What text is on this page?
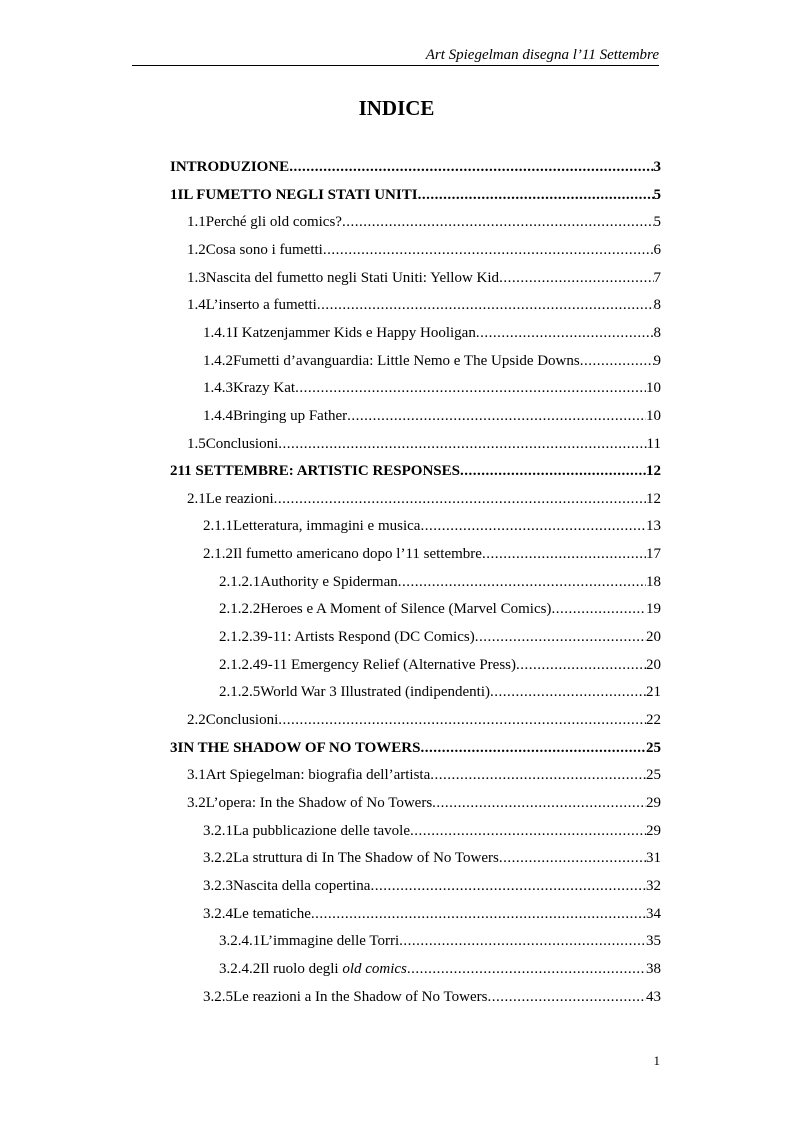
Art Spiegelman disegna l’11 Settembre
INDICE
INTRODUZIONE .....	3
1 IL FUMETTO NEGLI STATI UNITI .....	5
1.1 Perché gli old comics? .....	5
1.2 Cosa sono i fumetti .....	6
1.3 Nascita del fumetto negli Stati Uniti: Yellow Kid .....	7
1.4 L’inserto a fumetti .....	8
1.4.1 I Katzenjammer Kids e Happy Hooligan .....	8
1.4.2 Fumetti d’avanguardia: Little Nemo e The Upside Downs .....	9
1.4.3 Krazy Kat .....	10
1.4.4 Bringing up Father .....	10
1.5 Conclusioni .....	11
2 11 SETTEMBRE: ARTISTIC RESPONSES .....	12
2.1 Le reazioni .....	12
2.1.1 Letteratura, immagini e musica .....	13
2.1.2 Il fumetto americano dopo l’11 settembre .....	17
2.1.2.1 Authority e Spiderman .....	18
2.1.2.2 Heroes e A Moment of Silence (Marvel Comics) .....	19
2.1.2.3 9-11: Artists Respond (DC Comics) .....	20
2.1.2.4 9-11 Emergency Relief (Alternative Press) .....	20
2.1.2.5 World War 3 Illustrated (indipendenti) .....	21
2.2 Conclusioni .....	22
3 IN THE SHADOW OF NO TOWERS .....	25
3.1 Art Spiegelman: biografia dell’artista .....	25
3.2 L’opera: In the Shadow of No Towers .....	29
3.2.1 La pubblicazione delle tavole .....	29
3.2.2 La struttura di In The Shadow of No Towers .....	31
3.2.3 Nascita della copertina .....	32
3.2.4 Le tematiche .....	34
3.2.4.1 L’immagine delle Torri .....	35
3.2.4.2 Il ruolo degli old comics .....	38
3.2.5 Le reazioni a In the Shadow of No Towers .....	43
1
